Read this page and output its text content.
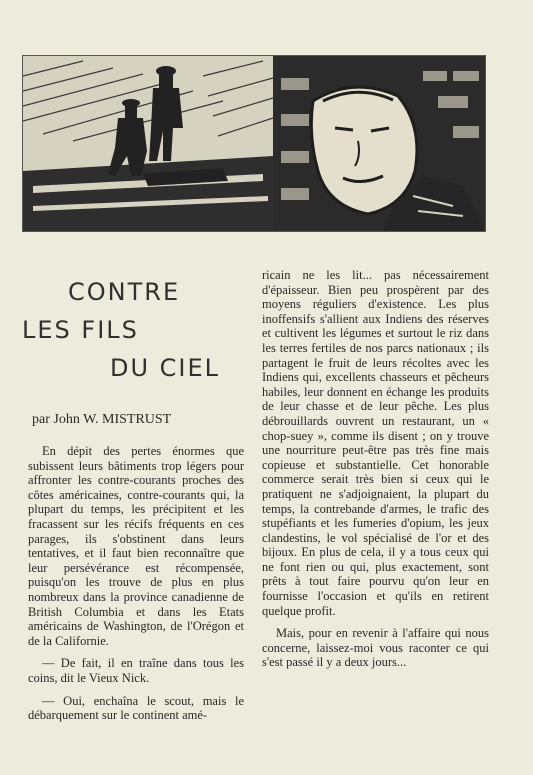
CONTRE
LES FILS
DU CIEL
par John W. MISTRUST

En dépit des pertes énormes que subissent leurs bâtiments trop légers pour affronter les contre-courants proches des côtes américaines, contre-courants qui, la plupart du temps, les précipitent et les fracassent sur les récifs fréquents en ces parages, ils s'obstinent dans leurs tentatives, et il faut bien reconnaître que leur persévérance est récompensée, puisqu'on les trouve de plus en plus nombreux dans la province canadienne de British Columbia et dans les Etats américains de Washington, de l'Orégon et de la Californie.

— De fait, il en traîne dans tous les coins, dit le Vieux Nick.

— Oui, enchaîna le scout, mais le débarquement sur le continent amé-

ricain ne les lit... pas nécessairement d'épaisseur. Bien peu prospèrent par des moyens réguliers d'existence. Les plus inoffensifs s'allient aux Indiens des réserves et cultivent les légumes et surtout le riz dans les terres fertiles de nos parcs nationaux ; ils partagent le fruit de leurs récoltes avec les Indiens qui, excellents chasseurs et pêcheurs habiles, leur donnent en échange les produits de leur chasse et de leur pêche. Les plus débrouillards ouvrent un restaurant, un « chop-suey », comme ils disent ; on y trouve une nourriture peut-être pas très fine mais copieuse et substantielle. Cet honorable commerce serait très bien si ceux qui le pratiquent ne s'adjoignaient, la plupart du temps, la contrebande d'armes, le trafic des stupéfiants et les fumeries d'opium, les jeux clandestins, le vol spécialisé de l'or et des bijoux. En plus de cela, il y a tous ceux qui ne font rien ou qui, plus exactement, sont prêts à tout faire pourvu qu'on leur en fournisse l'occasion et qu'ils en retirent quelque profit.

Mais, pour en revenir à l'affaire qui nous concerne, laissez-moi vous raconter ce qui s'est passé il y a deux jours...
